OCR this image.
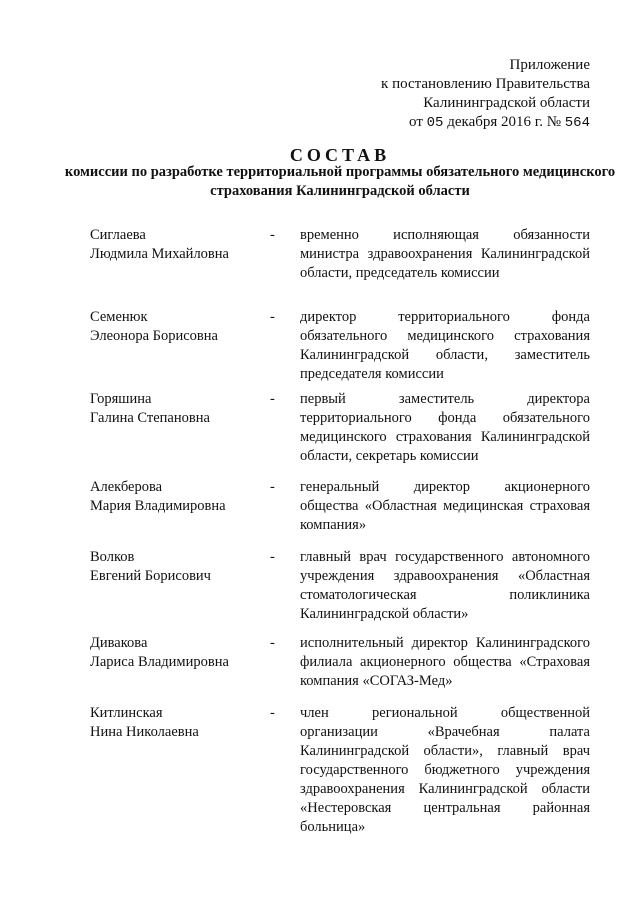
Приложение
к постановлению Правительства
Калининградской области
от 05 декабря 2016 г. № 564
СОСТАВ
комиссии по разработке территориальной программы обязательного медицинского страхования Калининградской области
Сиглаева
Людмила Михайловна
- временно исполняющая обязанности министра здравоохранения Калининградской области, председатель комиссии
Семенюк
Элеонора Борисовна
- директор территориального фонда обязательного медицинского страхования Калининградской области, заместитель председателя комиссии
Горяшина
Галина Степановна
- первый заместитель директора территориального фонда обязательного медицинского страхования Калининградской области, секретарь комиссии
Алекберова
Мария Владимировна
- генеральный директор акционерного общества «Областная медицинская страховая компания»
Волков
Евгений Борисович
- главный врач государственного автономного учреждения здравоохранения «Областная стоматологическая поликлиника Калининградской области»
Дивакова
Лариса Владимировна
- исполнительный директор Калининградского филиала акционерного общества «Страховая компания «СОГАЗ-Мед»
Китлинская
Нина Николаевна
- член региональной общественной организации «Врачебная палата Калининградской области», главный врач государственного бюджетного учреждения здравоохранения Калининградской области «Нестеровская центральная районная больница»
